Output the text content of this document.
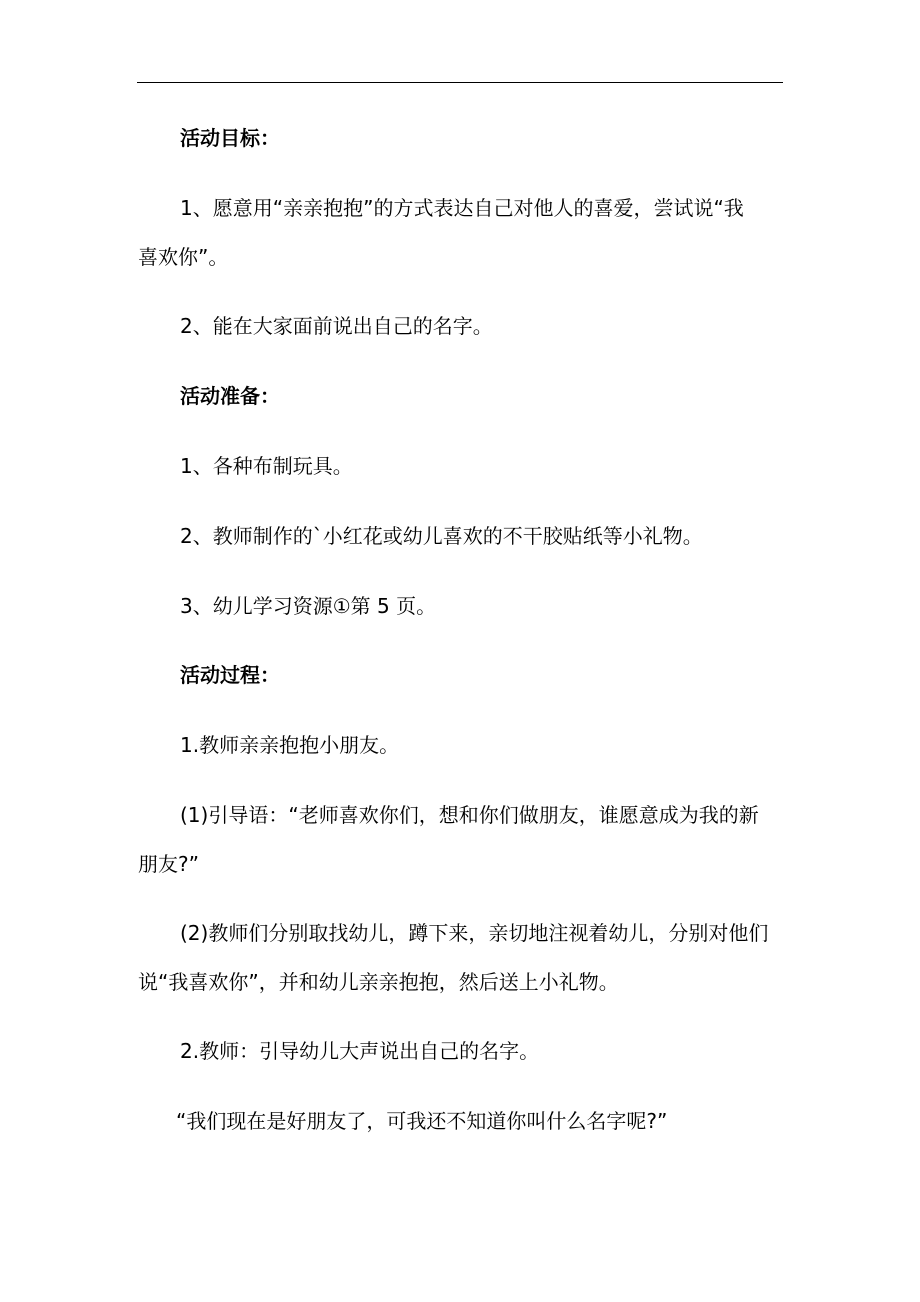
活动目标：
1、愿意用“亲亲抱抱”的方式表达自己对他人的喜爱，尝试说“我
喜欢你”。
2、能在大家面前说出自己的名字。
活动准备：
1、各种布制玩具。
2、教师制作的`小红花或幼儿喜欢的不干胶贴纸等小礼物。
3、幼儿学习资源①第 5 页。
活动过程：
1.教师亲亲抱抱小朋友。
(1)引导语：“老师喜欢你们，想和你们做朋友，谁愿意成为我的新
朋友?”
(2)教师们分别取找幼儿，蹲下来，亲切地注视着幼儿，分别对他们
说“我喜欢你”，并和幼儿亲亲抱抱，然后送上小礼物。
2.教师：引导幼儿大声说出自己的名字。
“我们现在是好朋友了，可我还不知道你叫什么名字呢?”
